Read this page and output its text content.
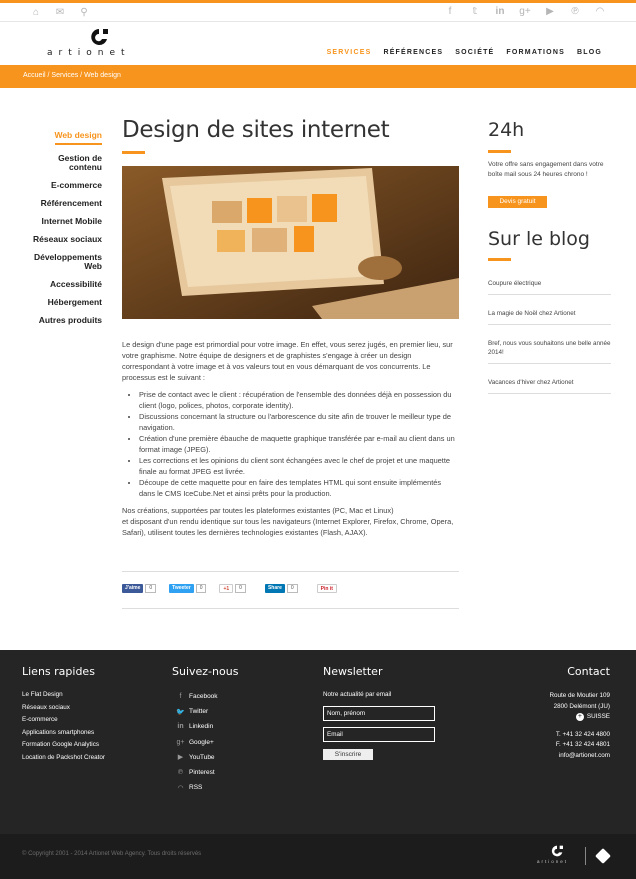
⌂ ✉ ⚲	f	𝕥	in g+ ▶ ℗ ◠
artionet	SERVICES RÉFÉRENCES SOCIÉTÉ FORMATIONS BLOG
Accueil / Services / Web design
Web design
Gestion de contenu
E-commerce
Référencement
Internet Mobile
Réseaux sociaux
Développements Web
Accessibilité
Hébergement
Autres produits
Design de sites internet

Le design d'une page est primordial pour votre image. En effet, vous serez jugés, en premier lieu, sur votre graphisme. Notre équipe de designers et de graphistes s'engage à créer un design correspondant à votre image et à vos valeurs tout en vous démarquant de vos concurrents. Le processus est le suivant :

• Prise de contact avec le client : récupération de l'ensemble des données déjà en possession du client (logo, polices, photos, corporate identity).
• Discussions concernant la structure ou l'arborescence du site afin de trouver le meilleur type de navigation.
• Création d'une première ébauche de maquette graphique transférée par e-mail au client dans un format image (JPEG).
• Les corrections et les opinions du client sont échangées avec le chef de projet et une maquette finale au format JPEG est livrée.
• Découpe de cette maquette pour en faire des templates HTML qui sont ensuite implémentés dans le CMS IceCube.Net et ainsi prêts pour la production.

Nos créations, supportées par toutes les plateformes existantes (PC, Mac et Linux)

et disposant d'un rendu identique sur tous les navigateurs (Internet Explorer, Firefox, Chrome, Opera, Safari), utilisent toutes les dernières technologies existantes (Flash, AJAX).

J'aime	0	Tweeter	0	+1	0	Share	0	Pin it
24h
Votre offre sans engagement dans votre boîte mail sous 24 heures chrono !
Devis gratuit
Sur le blog
Coupure électrique
La magie de Noël chez Artionet
Bref, nous vous souhaitons une belle année 2014!
Vacances d'hiver chez Artionet
Liens rapides
Le Flat Design
Réseaux sociaux
E-commerce
Applications smartphones
Formation Google Analytics
Location de Packshot Creator
Suivez-nous
f	Facebook
🐦 Twitter
in Linkedin
g+ Google+
▶ YouTube
℗ Pinterest
◠ RSS
Newsletter
Notre actualité par email
Nom, prénom
Email
S'inscrire
Contact
Route de Moutier 109
2800 Delémont (JU)
+ SUISSE
T. +41 32 424 4800
F. +41 32 424 4801
info@artionet.com
© Copyright 2001 - 2014 Artionet Web Agency. Tous droits réservés
artionet
